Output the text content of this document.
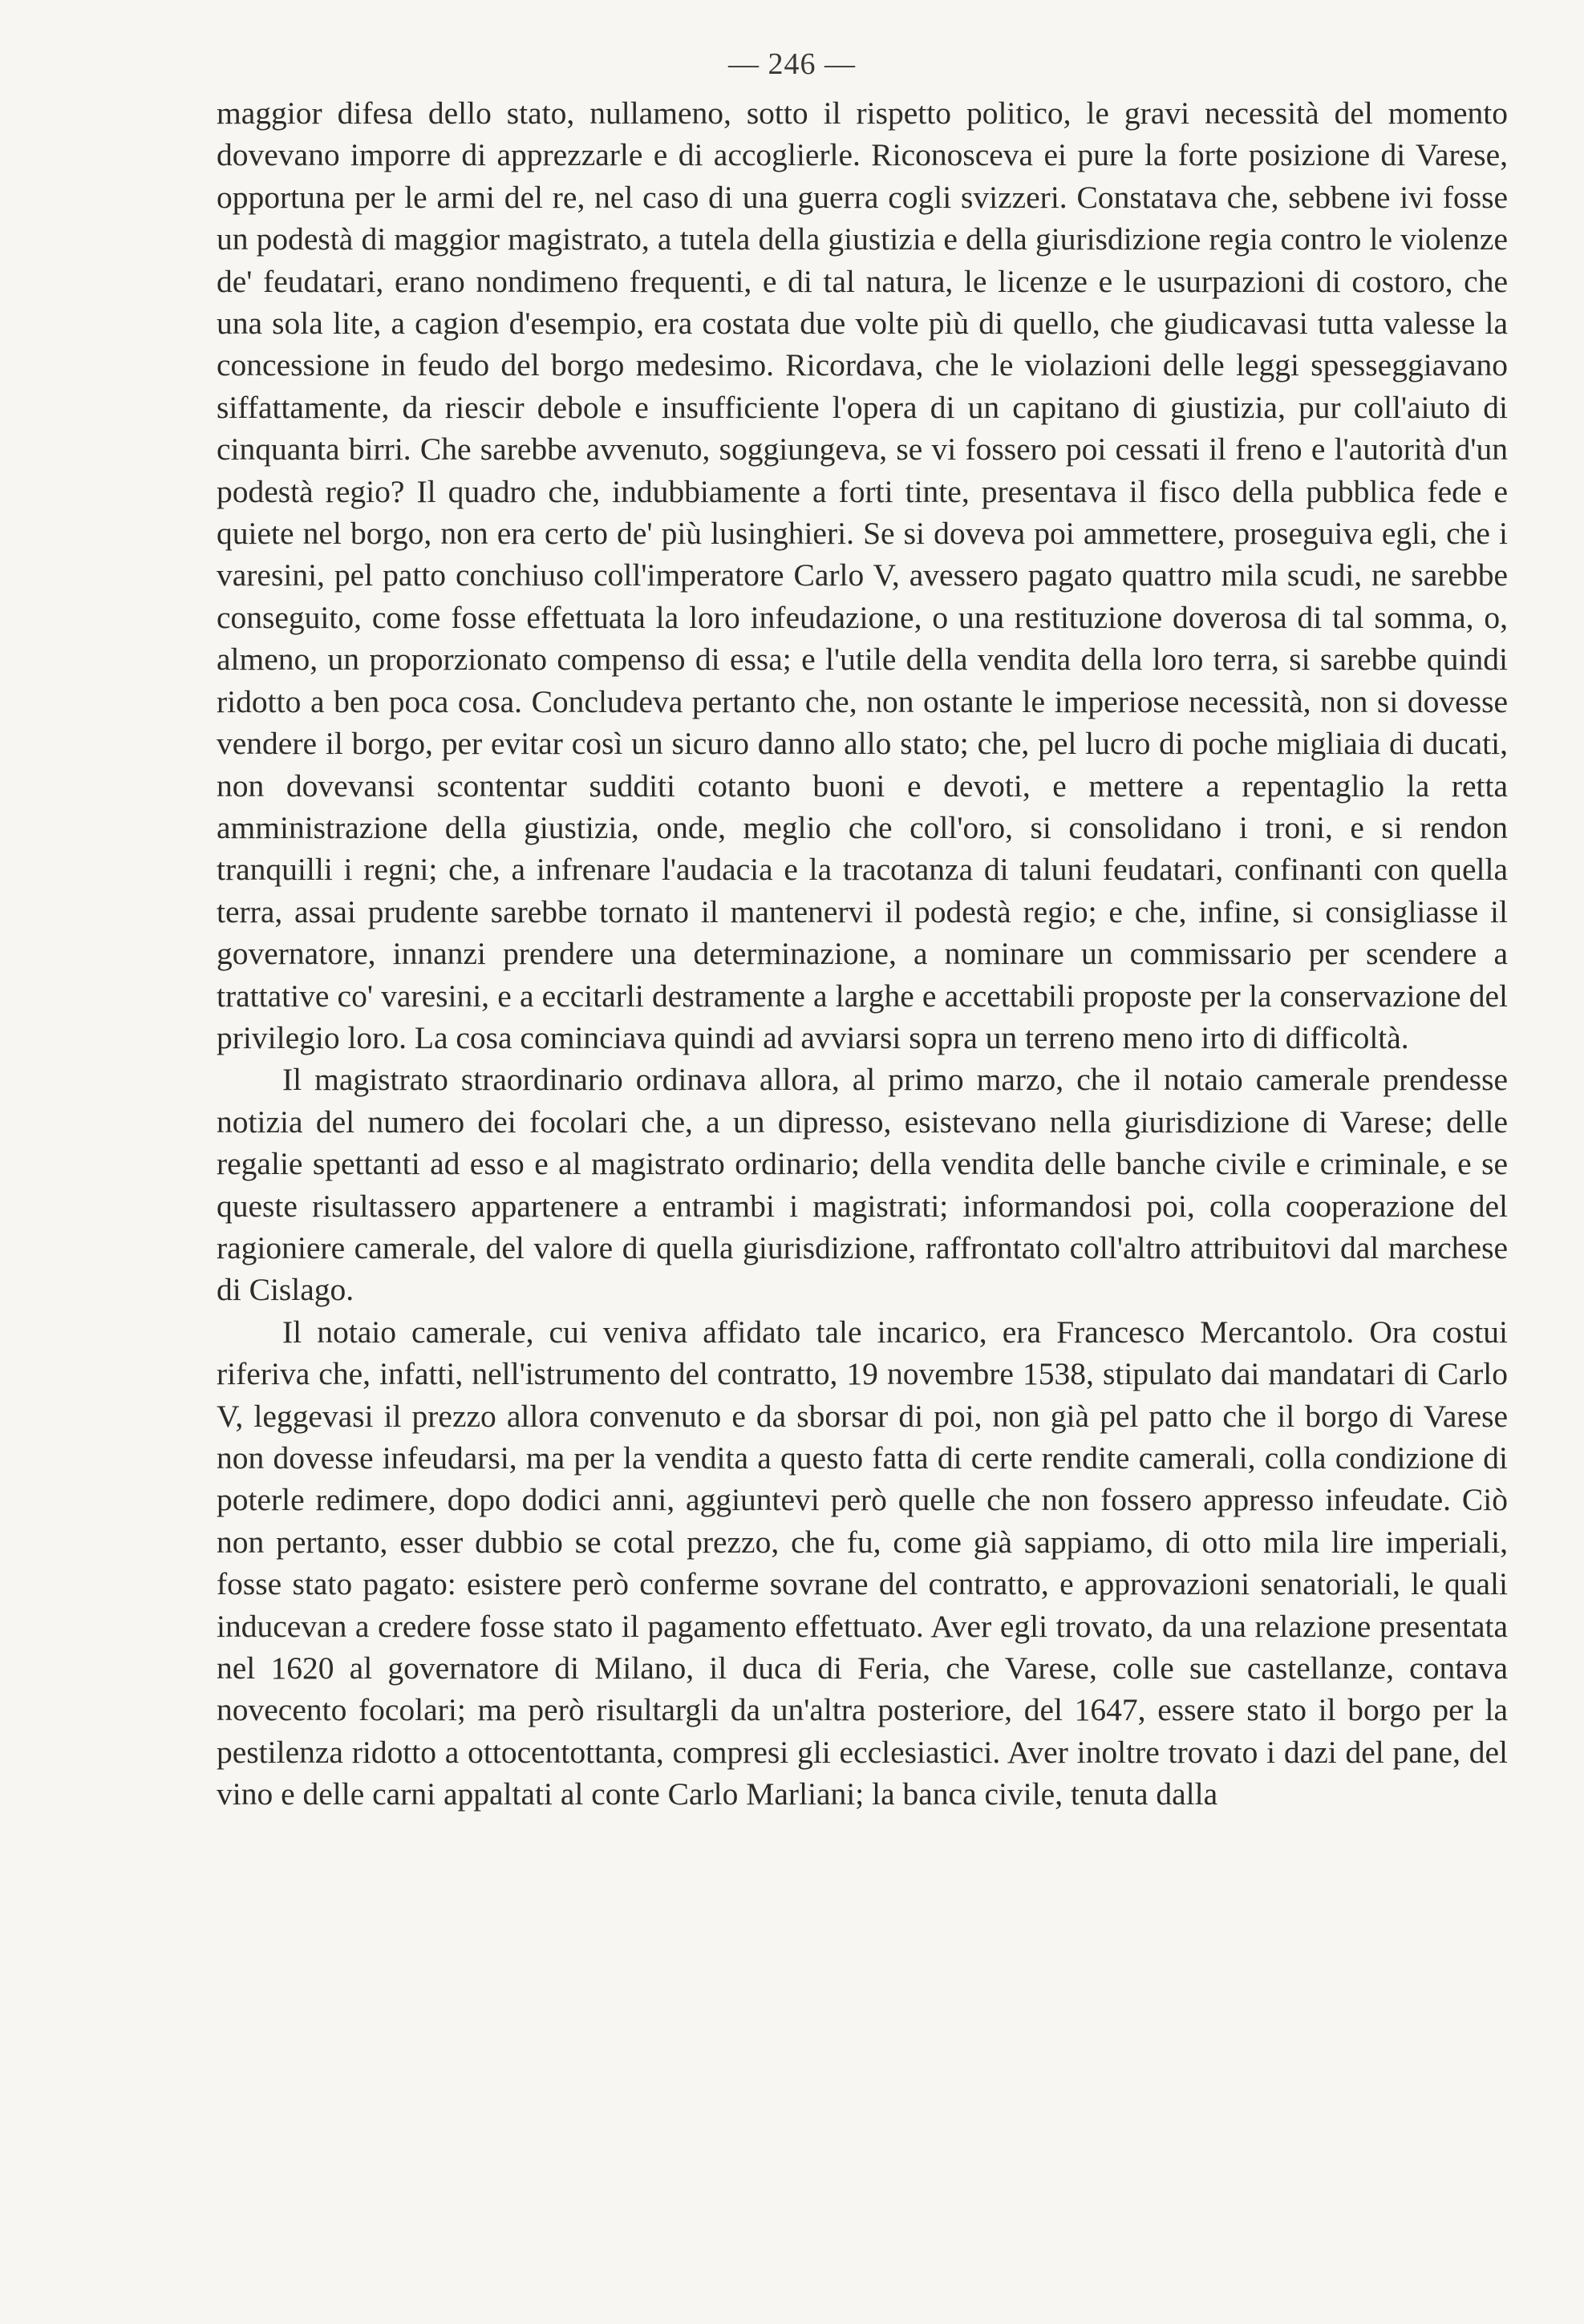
— 246 —

maggior difesa dello stato, nullameno, sotto il rispetto politico, le gravi necessità del momento dovevano imporre di apprezzarle e di accoglierle. Riconosceva ei pure la forte posizione di Varese, opportuna per le armi del re, nel caso di una guerra cogli svizzeri. Constatava che, sebbene ivi fosse un podestà di maggior magistrato, a tutela della giustizia e della giurisdizione regia contro le violenze de' feudatari, erano nondimeno frequenti, e di tal natura, le licenze e le usurpazioni di costoro, che una sola lite, a cagion d'esempio, era costata due volte più di quello, che giudicavasi tutta valesse la concessione in feudo del borgo medesimo. Ricordava, che le violazioni delle leggi spesseggiavano siffattamente, da riescir debole e insufficiente l'opera di un capitano di giustizia, pur coll'aiuto di cinquanta birri. Che sarebbe avvenuto, soggiungeva, se vi fossero poi cessati il freno e l'autorità d'un podestà regio? Il quadro che, indubbiamente a forti tinte, presentava il fisco della pubblica fede e quiete nel borgo, non era certo de' più lusinghieri. Se si doveva poi ammettere, proseguiva egli, che i varesini, pel patto conchiuso coll'imperatore Carlo V, avessero pagato quattro mila scudi, ne sarebbe conseguito, come fosse effettuata la loro infeudazione, o una restituzione doverosa di tal somma, o, almeno, un proporzionato compenso di essa; e l'utile della vendita della loro terra, si sarebbe quindi ridotto a ben poca cosa. Concludeva pertanto che, non ostante le imperiose necessità, non si dovesse vendere il borgo, per evitar così un sicuro danno allo stato; che, pel lucro di poche migliaia di ducati, non dovevansi scontentar sudditi cotanto buoni e devoti, e mettere a repentaglio la retta amministrazione della giustizia, onde, meglio che coll'oro, si consolidano i troni, e si rendon tranquilli i regni; che, a infrenare l'audacia e la tracotanza di taluni feudatari, confinanti con quella terra, assai prudente sarebbe tornato il mantenervi il podestà regio; e che, infine, si consigliasse il governatore, innanzi prendere una determinazione, a nominare un commissario per scendere a trattative co' varesini, e a eccitarli destramente a larghe e accettabili proposte per la conservazione del privilegio loro. La cosa cominciava quindi ad avviarsi sopra un terreno meno irto di difficoltà.

Il magistrato straordinario ordinava allora, al primo marzo, che il notaio camerale prendesse notizia del numero dei focolari che, a un dipresso, esistevano nella giurisdizione di Varese; delle regalie spettanti ad esso e al magistrato ordinario; della vendita delle banche civile e criminale, e se queste risultassero appartenere a entrambi i magistrati; informandosi poi, colla cooperazione del ragioniere camerale, del valore di quella giurisdizione, raffrontato coll'altro attribuitovi dal marchese di Cislago.

Il notaio camerale, cui veniva affidato tale incarico, era Francesco Mercantolo. Ora costui riferiva che, infatti, nell'istrumento del contratto, 19 novembre 1538, stipulato dai mandatari di Carlo V, leggevasi il prezzo allora convenuto e da sborsar di poi, non già pel patto che il borgo di Varese non dovesse infeudarsi, ma per la vendita a questo fatta di certe rendite camerali, colla condizione di poterle redimere, dopo dodici anni, aggiuntevi però quelle che non fossero appresso infeudate. Ciò non pertanto, esser dubbio se cotal prezzo, che fu, come già sappiamo, di otto mila lire imperiali, fosse stato pagato: esistere però conferme sovrane del contratto, e approvazioni senatoriali, le quali inducevan a credere fosse stato il pagamento effettuato. Aver egli trovato, da una relazione presentata nel 1620 al governatore di Milano, il duca di Feria, che Varese, colle sue castellanze, contava novecento focolari; ma però risultargli da un'altra posteriore, del 1647, essere stato il borgo per la pestilenza ridotto a ottocentottanta, compresi gli ecclesiastici. Aver inoltre trovato i dazi del pane, del vino e delle carni appaltati al conte Carlo Marliani; la banca civile, tenuta dalla
